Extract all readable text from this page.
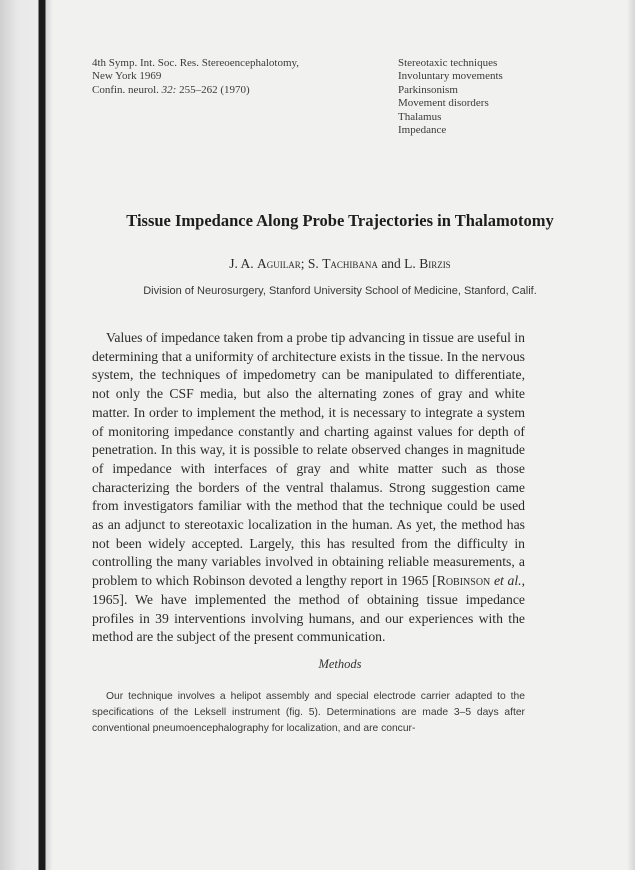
4th Symp. Int. Soc. Res. Stereoencephalotomy,
New York 1969
Confin. neurol. 32: 255–262 (1970)
Stereotaxic techniques
Involuntary movements
Parkinsonism
Movement disorders
Thalamus
Impedance
Tissue Impedance Along Probe Trajectories in Thalamotomy
J. A. Aguilar; S. Tachibana and L. Birzis
Division of Neurosurgery, Stanford University School of Medicine, Stanford, Calif.

Values of impedance taken from a probe tip advancing in tissue are useful in determining that a uniformity of architecture exists in the tissue. In the nervous system, the techniques of impedometry can be manipulated to differentiate, not only the CSF media, but also the alternating zones of gray and white matter. In order to implement the method, it is necessary to integrate a system of monitoring impedance constantly and charting against values for depth of penetration. In this way, it is possible to relate observed changes in magnitude of impedance with interfaces of gray and white matter such as those characterizing the borders of the ventral thalamus. Strong suggestion came from investigators familiar with the method that the technique could be used as an adjunct to stereotaxic localization in the human. As yet, the method has not been widely accepted. Largely, this has resulted from the difficulty in controlling the many variables involved in obtaining reliable measurements, a problem to which Robinson devoted a lengthy report in 1965 [Robinson et al., 1965]. We have implemented the method of obtaining tissue impedance profiles in 39 interventions involving humans, and our experiences with the method are the subject of the present communication.

Methods

Our technique involves a helipot assembly and special electrode carrier adapted to the specifications of the Leksell instrument (fig. 5). Determinations are made 3–5 days after conventional pneumoencephalography for localization, and are concur-
